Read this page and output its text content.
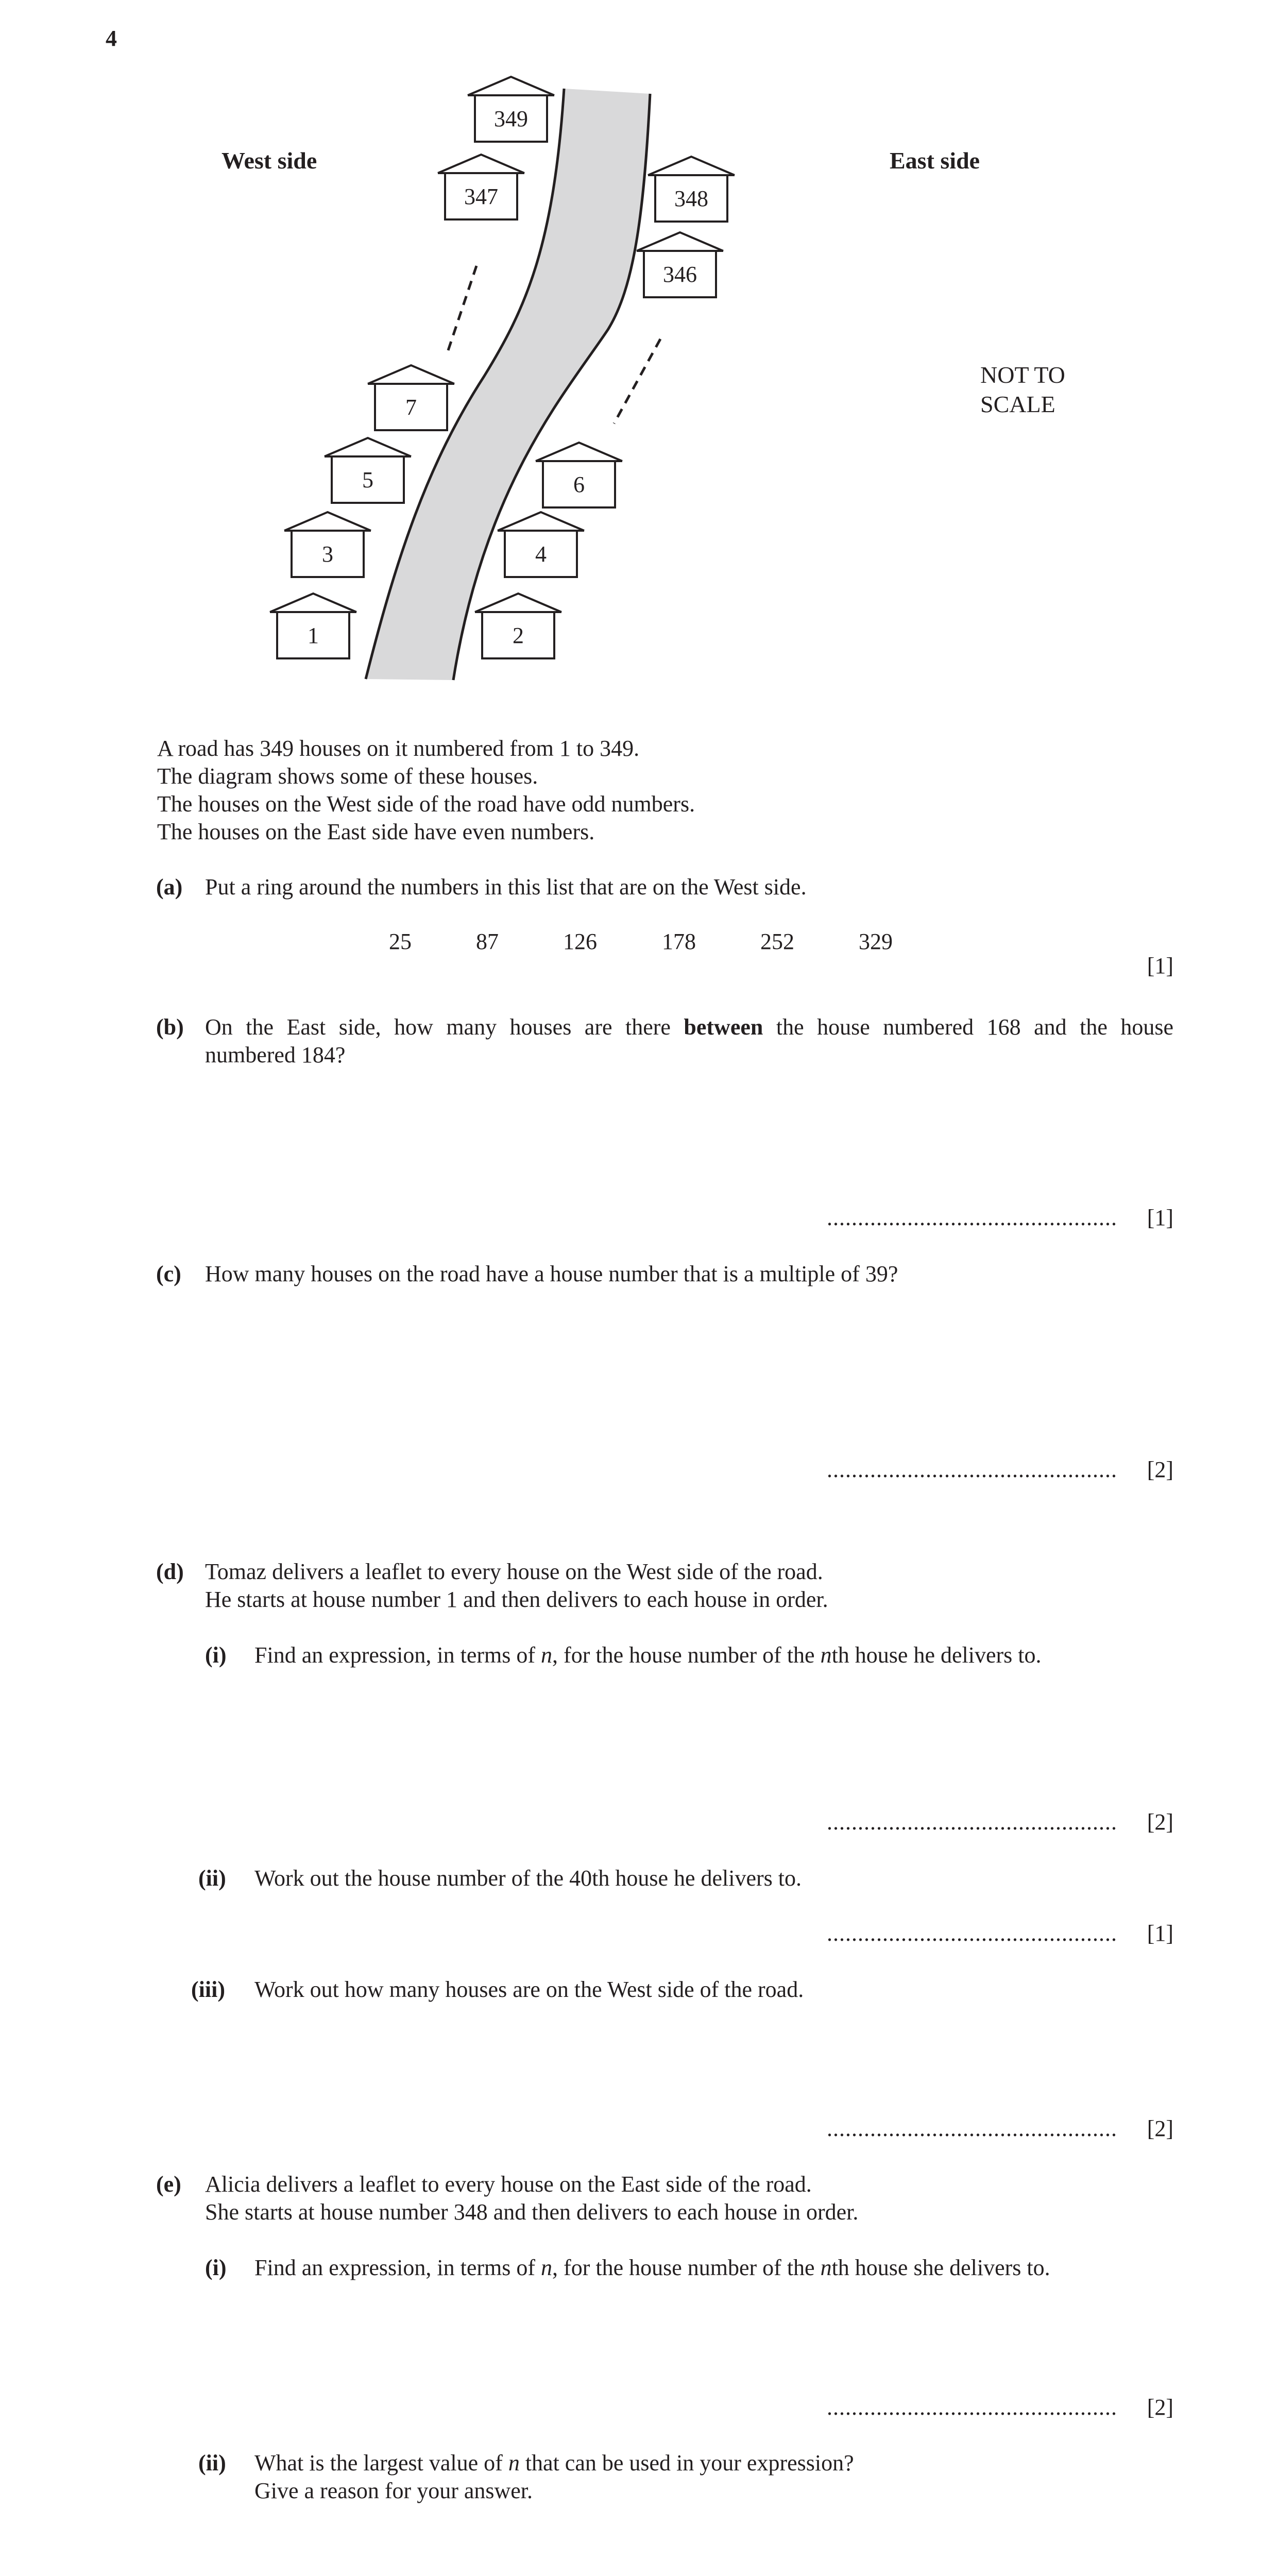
4
349
347	348
346
7
5
3
1
6
4
2
West side	East side
NOT TO
SCALE
A road has 349 houses on it numbered from 1 to 349.
The diagram shows some of these houses.
The houses on the West side of the road have odd numbers.
The houses on the East side have even numbers.
(a) Put a ring around the numbers in this list that are on the West side.
25	87	126	178	252	329
[1]
(b) On the East side, how many houses are there between the house numbered 168 and the house
numbered 184?
............................................... [1]
(c) How many houses on the road have a house number that is a multiple of 39?
............................................... [2]
(d) Tomaz delivers a leaflet to every house on the West side of the road.
He starts at house number 1 and then delivers to each house in order.
(i) Find an expression, in terms of n, for the house number of the nth house he delivers to.
............................................... [2]
(ii) Work out the house number of the 40th house he delivers to.
............................................... [1]
(iii) Work out how many houses are on the West side of the road.
............................................... [2]
(e) Alicia delivers a leaflet to every house on the East side of the road.
She starts at house number 348 and then delivers to each house in order.
(i) Find an expression, in terms of n, for the house number of the nth house she delivers to.
............................................... [2]
(ii) What is the largest value of n that can be used in your expression?
Give a reason for your answer.
